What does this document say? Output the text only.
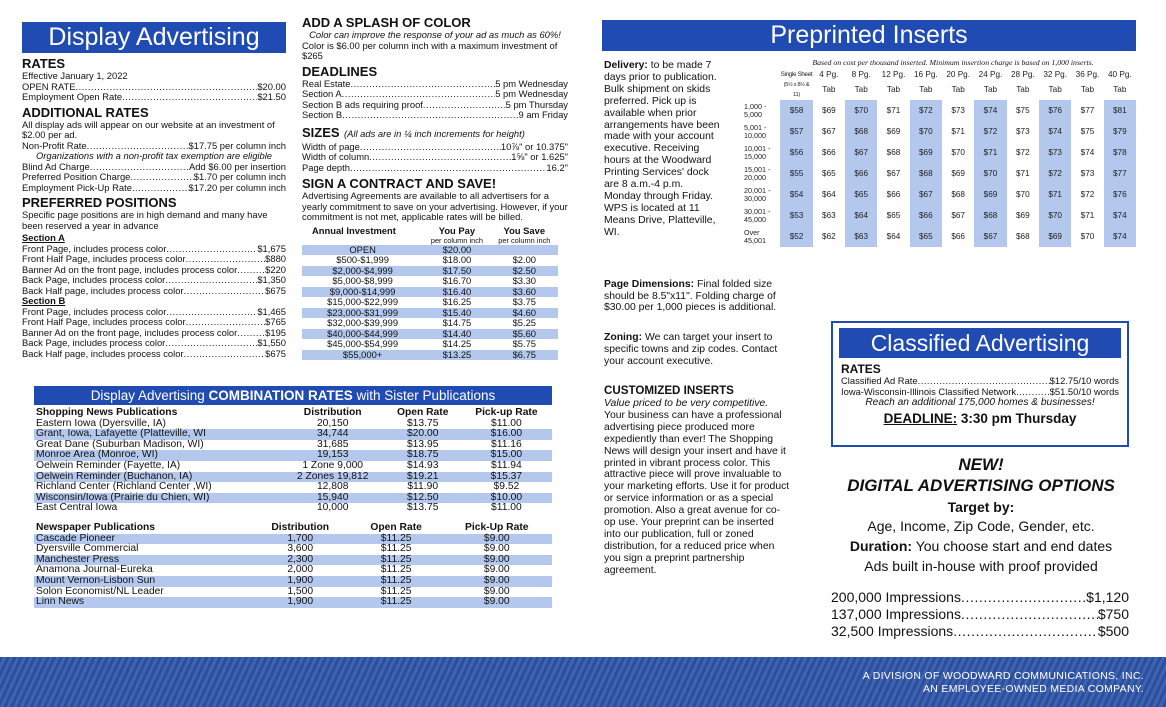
Display Advertising
RATES
Effective January 1, 2022
OPEN RATE .....	$20.00
Employment Open Rate .....	$21.50
ADDITIONAL RATES
All display ads will appear on our website at an investment of $2.00 per ad.
Non-Profit Rate .....	$17.75 per column inch
Organizations with a non-profit tax exemption are eligible
Blind Ad Charge .....	Add $6.00 per insertion
Preferred Position Charge .....	$1.70 per column inch
Employment Pick-Up Rate .....	$17.20 per column inch
PREFERRED POSITIONS
Specific page positions are in high demand and many have been reserved a year in advance
Section A
Front Page, includes process color .....	$1,675
Front Half Page, includes process color .....	$880
Banner Ad on the front page, includes process color .....	$220
Back Page, includes process color .....	$1,350
Back Half page, includes process color .....	$675
Section B
Front Page, includes process color .....	$1,465
Front Half Page, includes process color .....	$765
Banner Ad on the front page, includes process color .....	$195
Back Page, includes process color .....	$1,550
Back Half page, includes process color .....	$675
ADD A SPLASH OF COLOR
Color can improve the response of your ad as much as 60%!
Color is $6.00 per column inch with a maximum investment of $265
DEADLINES
Real Estate .....	5 pm Wednesday
Section A .....	5 pm Wednesday
Section B ads requiring proof .....	5 pm Thursday
Section B .....	9 am Friday
SIZES (All ads are in ¼ inch increments for height)
Width of page .....	10⅞" or 10.375"
Width of column .....	1⅝" or 1.625"
Page depth .....	16.2"
SIGN A CONTRACT AND SAVE!
Advertising Agreements are available to all advertisers for a yearly commitment to save on your advertising. However, if your commitment is not met, applicable rates will be billed.
Annual Investment	You Pay	You Save
	per column inch	per column inch
OPEN	$20.00	
$500-$1,999	$18.00	$2.00
$2,000-$4,999	$17.50	$2.50
$5,000-$8,999	$16.70	$3.30
$9,000-$14,999	$16.40	$3.60
$15,000-$22,999	$16.25	$3.75
$23,000-$31,999	$15.40	$4.60
$32,000-$39,999	$14.75	$5.25
$40,000-$44,999	$14.40	$5.60
$45,000-$54,999	$14.25	$5.75
$55,000+	$13.25	$6.75
Display Advertising COMBINATION RATES with Sister Publications
Shopping News Publications	Distribution	Open Rate	Pick-up Rate
Eastern Iowa (Dyersville, IA)	20,150	$13.75	$11.00
Grant, Iowa, Lafayette (Platteville, WI	34,744	$20.00	$16.00
Great Dane (Suburban Madison, WI)	31,685	$13.95	$11.16
Monroe Area (Monroe, WI)	19,153	$18.75	$15.00
Oelwein Reminder (Fayette, IA)	1 Zone 9,000	$14.93	$11.94
Oelwein Reminder (Buchanon, IA)	2 Zones 19,812	$19.21	$15.37
Richland Center (Richland Center ,WI)	12,808	$11.90	$9.52
Wisconsin/Iowa (Prairie du Chien, WI)	15,940	$12.50	$10.00
East Central Iowa	10,000	$13.75	$11.00
Newspaper Publications	Distribution	Open Rate	Pick-Up Rate
Cascade Pioneer	1,700	$11.25	$9.00
Dyersville Commercial	3,600	$11.25	$9.00
Manchester Press	2,300	$11.25	$9.00
Anamona Journal-Eureka	2,000	$11.25	$9.00
Mount Vernon-Lisbon Sun	1,900	$11.25	$9.00
Solon Economist/NL Leader	1,500	$11.25	$9.00
Linn News	1,900	$11.25	$9.00
Preprinted Inserts

Delivery: to be made 7 days prior to publication. Bulk shipment on skids preferred. Pick up is available when prior arrangements have been made with your account executive. Receiving hours at the Woodward Printing Services' dock are 8 a.m.-4 p.m. Monday through Friday. WPS is located at 11 Means Drive, Platteville, WI.

Page Dimensions: Final folded size should be 8.5"x11". Folding charge of $30.00 per 1,000 pieces is additional.

Zoning: We can target your insert to specific towns and zip codes. Contact your account executive.

CUSTOMIZED INSERTS

Value priced to be very competitive.

Your business can have a professional advertising piece produced more expediently than ever! The Shopping News will design your insert and have it printed in vibrant process color. This attractive piece will prove invaluable to your marketing efforts. Use it for product or service information or as a special promotion. Also a great avenue for co-op use. Your preprint can be inserted into our publication, full or zoned distribution, for a reduced price when you sign a preprint partnership agreement.

Based on cost per thousand inserted. Minimum insertion charge is based on 1,000 inserts.
	Single Sheet	4 Pg.	8 Pg.	12 Pg.	16 Pg.	20 Pg.	24 Pg.	28 Pg.	32 Pg.	36 Pg.	40 Pg.
	(5½ x 8½ & 11)	Tab	Tab	Tab	Tab	Tab	Tab	Tab	Tab	Tab	Tab
1,000 - 5,000	$58	$69	$70	$71	$72	$73	$74	$75	$76	$77	$81
5,001 - 10,000	$57	$67	$68	$69	$70	$71	$72	$73	$74	$75	$79
10,001 - 15,000	$56	$66	$67	$68	$69	$70	$71	$72	$73	$74	$78
15,001 - 20,000	$55	$65	$66	$67	$68	$69	$70	$71	$72	$73	$77
20,001 - 30,000	$54	$64	$65	$66	$67	$68	$69	$70	$71	$72	$76
30,001 - 45,000	$53	$63	$64	$65	$66	$67	$68	$69	$70	$71	$74
Over 45,001	$52	$62	$63	$64	$65	$66	$67	$68	$69	$70	$74
Classified Advertising
RATES
Classified Ad Rate .....	$12.75/10 words
Iowa-Wisconsin-Illinois Classified Network .....	$51.50/10 words
Reach an additional 175,000 homes & businesses!
DEADLINE: 3:30 pm Thursday
NEW!
DIGITAL ADVERTISING OPTIONS
Target by:
Age, Income, Zip Code, Gender, etc.
Duration: You choose start and end dates
Ads built in-house with proof provided
200,000 Impressions .....	$1,120
137,000 Impressions .....	$750
32,500 Impressions .....	$500
A DIVISION OF WOODWARD COMMUNICATIONS, INC.
AN EMPLOYEE-OWNED MEDIA COMPANY.
